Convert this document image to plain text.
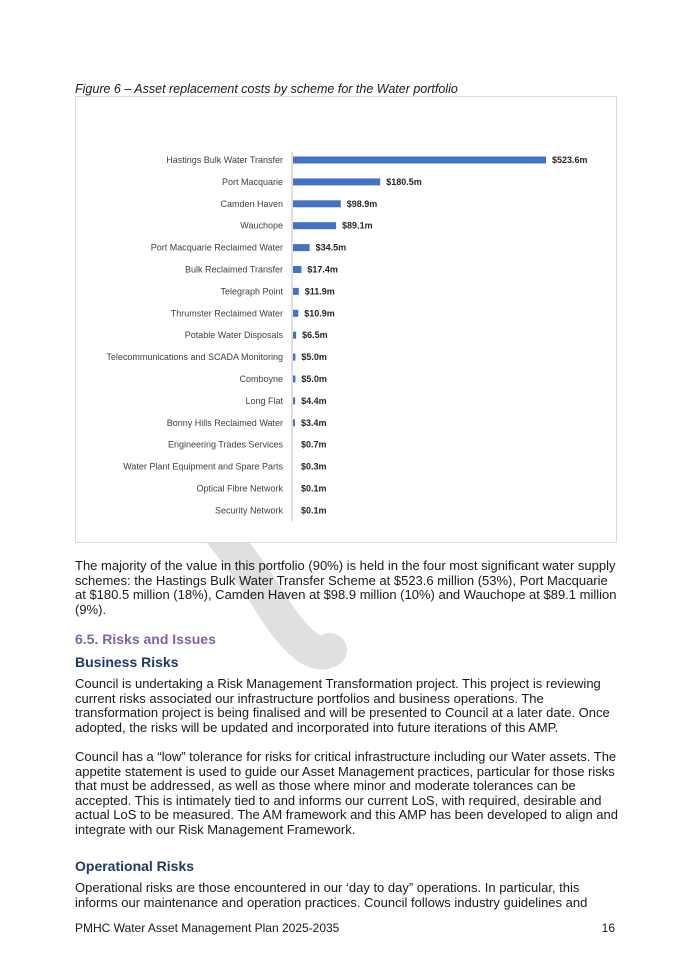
Figure 6 – Asset replacement costs by scheme for the Water portfolio
Hastings Bulk Water Transfer	$523.6m
Port Macquarie	$180.5m
Camden Haven	$98.9m
Wauchope	$89.1m
Port Macquarie Reclaimed Water	$34.5m
Bulk Reclaimed Transfer	$17.4m
Telegraph Point $11.9m
Thrumster Reclaimed Water $10.9m
Potable Water Disposals $6.5m
Telecommunications and SCADA Monitoring $5.0m
Comboyne $5.0m
Long Flat $4.4m
Bonny Hills Reclaimed Water $3.4m
Engineering Trades Services $0.7m
Water Plant Equipment and Spare Parts $0.3m
Optical Fibre Network $0.1m
Security Network $0.1m
The majority of the value in this portfolio (90%) is held in the four most significant water supply schemes: the Hastings Bulk Water Transfer Scheme at $523.6 million (53%), Port Macquarie at $180.5 million (18%), Camden Haven at $98.9 million (10%) and Wauchope at $89.1 million (9%).
6.5. Risks and Issues
Business Risks
Council is undertaking a Risk Management Transformation project. This project is reviewing current risks associated our infrastructure portfolios and business operations. The transformation project is being finalised and will be presented to Council at a later date. Once adopted, the risks will be updated and incorporated into future iterations of this AMP.
Council has a “low” tolerance for risks for critical infrastructure including our Water assets. The appetite statement is used to guide our Asset Management practices, particular for those risks that must be addressed, as well as those where minor and moderate tolerances can be accepted. This is intimately tied to and informs our current LoS, with required, desirable and actual LoS to be measured. The AM framework and this AMP has been developed to align and integrate with our Risk Management Framework.
Operational Risks
Operational risks are those encountered in our ‘day to day” operations. In particular, this informs our maintenance and operation practices. Council follows industry guidelines and
PMHC Water Asset Management Plan 2025-2035	16
